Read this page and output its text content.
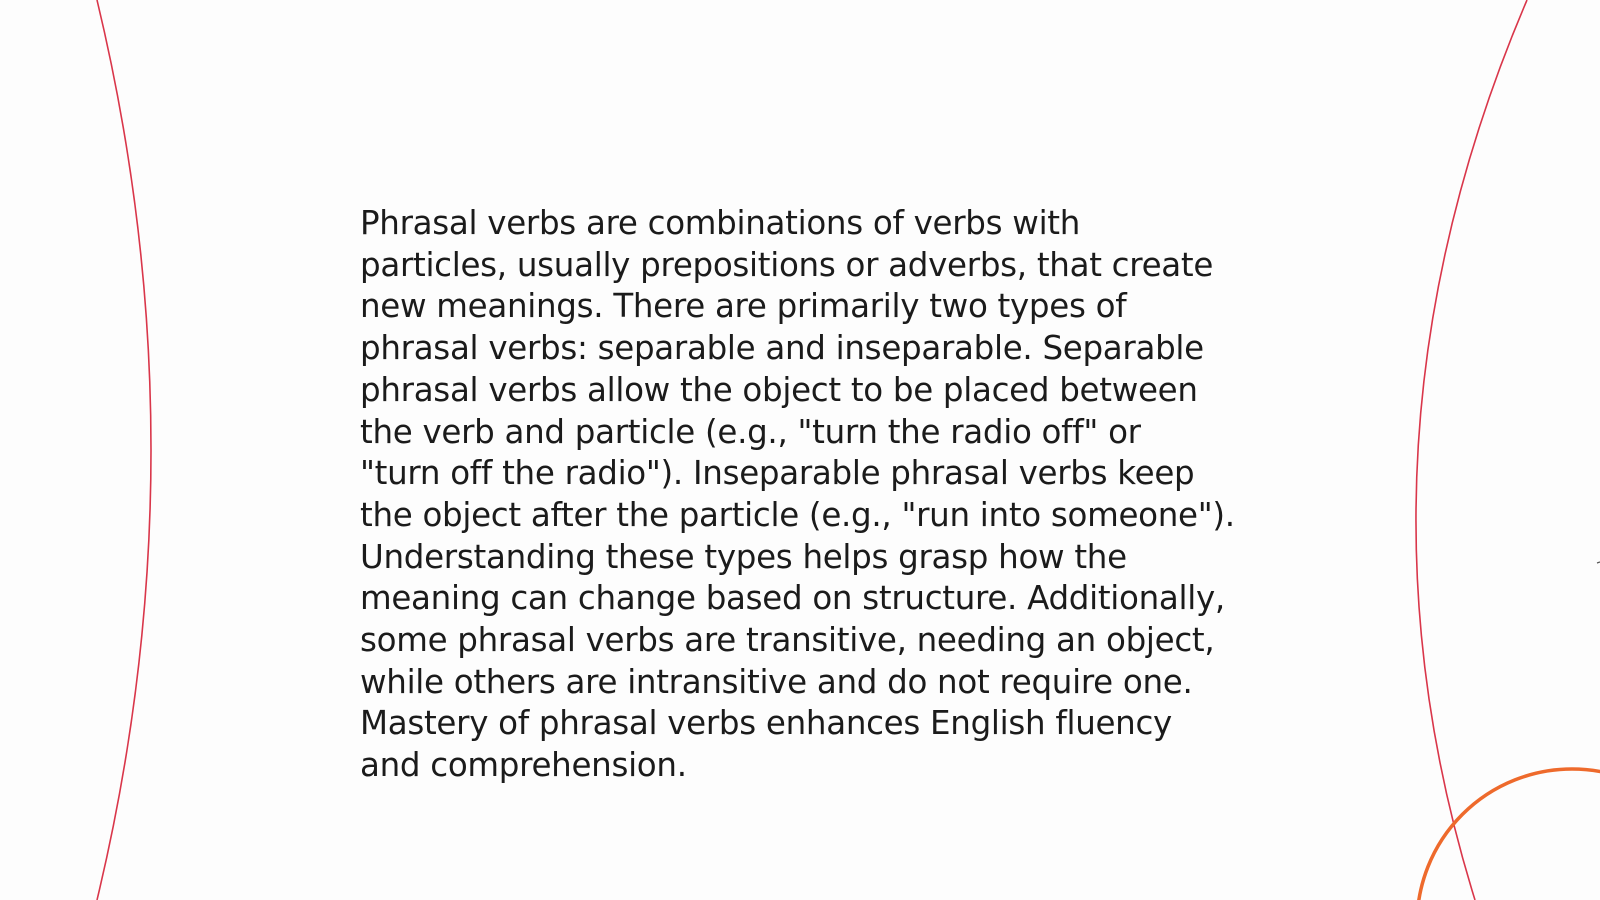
Phrasal verbs are combinations of verbs with
particles, usually prepositions or adverbs, that create
new meanings. There are primarily two types of
phrasal verbs: separable and inseparable. Separable
phrasal verbs allow the object to be placed between
the verb and particle (e.g., "turn the radio off" or
"turn off the radio"). Inseparable phrasal verbs keep
the object after the particle (e.g., "run into someone").
Understanding these types helps grasp how the
meaning can change based on structure. Additionally,
some phrasal verbs are transitive, needing an object,
while others are intransitive and do not require one.
Mastery of phrasal verbs enhances English fluency
and comprehension.
